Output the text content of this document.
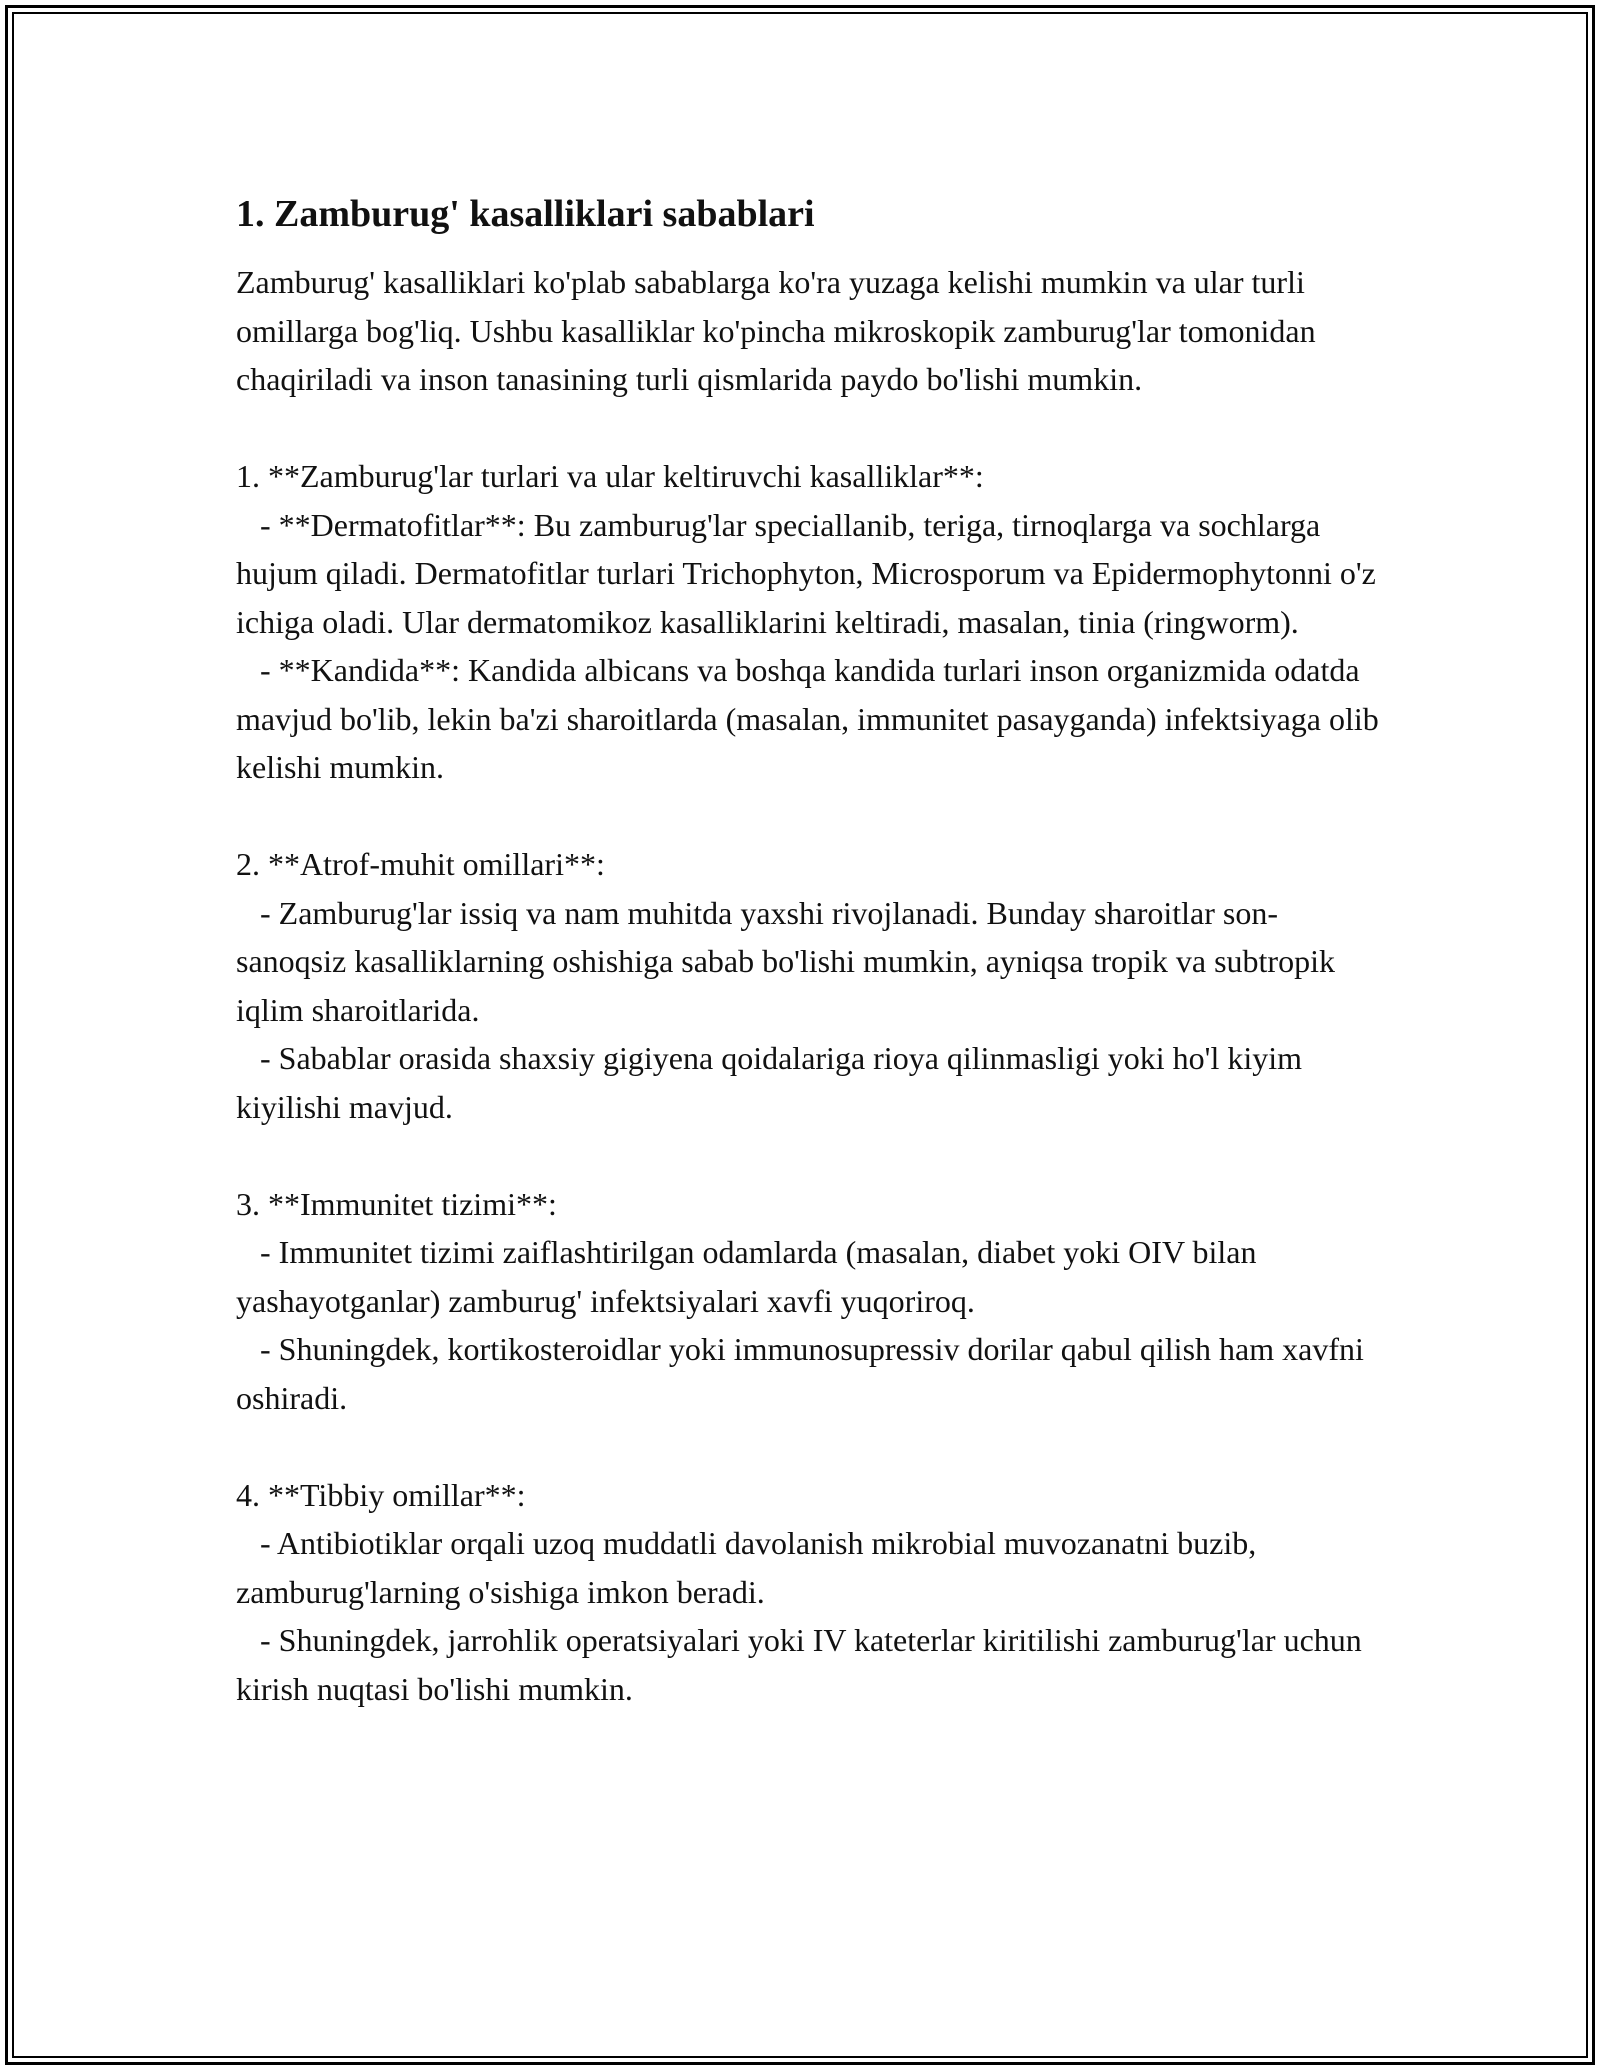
1. Zamburug' kasalliklari sabablari

Zamburug' kasalliklari ko'plab sabablarga ko'ra yuzaga kelishi mumkin va ular turli omillarga bog'liq. Ushbu kasalliklar ko'pincha mikroskopik zamburug'lar tomonidan chaqiriladi va inson tanasining turli qismlarida paydo bo'lishi mumkin.

1. **Zamburug'lar turlari va ular keltiruvchi kasalliklar**:

- **Dermatofitlar**: Bu zamburug'lar speciallanib, teriga, tirnoqlarga va sochlarga hujum qiladi. Dermatofitlar turlari Trichophyton, Microsporum va Epidermophytonni o'z ichiga oladi. Ular dermatomikoz kasalliklarini keltiradi, masalan, tinia (ringworm).

- **Kandida**: Kandida albicans va boshqa kandida turlari inson organizmida odatda mavjud bo'lib, lekin ba'zi sharoitlarda (masalan, immunitet pasayganda) infektsiyaga olib kelishi mumkin.

2. **Atrof-muhit omillari**:

- Zamburug'lar issiq va nam muhitda yaxshi rivojlanadi. Bunday sharoitlar son-sanoqsiz kasalliklarning oshishiga sabab bo'lishi mumkin, ayniqsa tropik va subtropik iqlim sharoitlarida.

- Sabablar orasida shaxsiy gigiyena qoidalariga rioya qilinmasligi yoki ho'l kiyim kiyilishi mavjud.

3. **Immunitet tizimi**:

- Immunitet tizimi zaiflashtirilgan odamlarda (masalan, diabet yoki OIV bilan yashayotganlar) zamburug' infektsiyalari xavfi yuqoriroq.

- Shuningdek, kortikosteroidlar yoki immunosupressiv dorilar qabul qilish ham xavfni oshiradi.

4. **Tibbiy omillar**:

- Antibiotiklar orqali uzoq muddatli davolanish mikrobial muvozanatni buzib, zamburug'larning o'sishiga imkon beradi.

- Shuningdek, jarrohlik operatsiyalari yoki IV kateterlar kiritilishi zamburug'lar uchun kirish nuqtasi bo'lishi mumkin.
